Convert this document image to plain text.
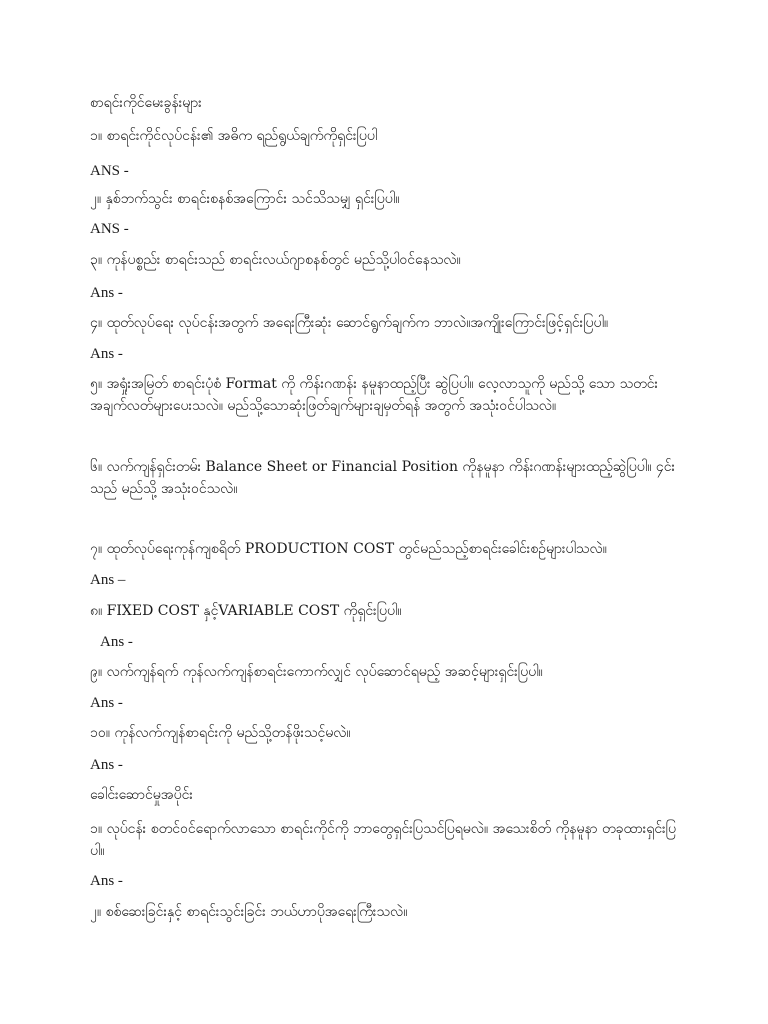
စာရင်းကိုင်မေးခွန်းများ
၁။ စာရင်းကိုင်လုပ်ငန်း၏ အဓိက ရည်ရွယ်ချက်ကိုရှင်းပြပါ
ANS -
၂။ နှစ်ဘက်သွင်း စာရင်းစနစ်အကြောင်း သင်သိသမျှ ရှင်းပြပါ။
ANS -
၃။ ကုန်ပစ္စည်း စာရင်းသည် စာရင်းလယ်ဂျာစနစ်တွင် မည်သို့ပါဝင်နေသလဲ။
Ans -
၄။ ထုတ်လုပ်ရေး လုပ်ငန်းအတွက် အရေးကြီးဆုံး ဆောင်ရွက်ချက်က ဘာလဲ။အကျိုးကြောင်းဖြင့်ရှင်းပြပါ။
Ans -
၅။ အရှုံးအမြတ် စာရင်းပုံစံ Format ကို ကိန်းဂဏန်း နမူနာထည့်ပြီး ဆွဲပြပါ။ လေ့လာသူကို မည်သို့ သော သတင်းအချက်လတ်များပေးသလဲ။ မည်သို့သောဆုံးဖြတ်ချက်များချမှတ်ရန် အတွက် အသုံးဝင်ပါသလဲ။
၆။ လက်ကျန်ရှင်းတမ်း Balance Sheet or Financial Position ကိုနမူနာ ကိန်းဂဏန်းများထည့်ဆွဲပြပါ။ ၄င်းသည် မည်သို့ အသုံးဝင်သလဲ။
၇။ ထုတ်လုပ်ရေးကုန်ကျစရိတ် PRODUCTION COST တွင်မည်သည့်စာရင်းခေါင်းစဉ်များပါသလဲ။
Ans –
၈။ FIXED COST နှင့်VARIABLE COST ကိုရှင်းပြပါ။
Ans -
၉။ လက်ကျန်ရက် ကုန်လက်ကျန်စာရင်းကောက်လျှင် လုပ်ဆောင်ရမည့် အဆင့်များရှင်းပြပါ။
Ans -
၁၀။ ကုန်လက်ကျန်စာရင်းကို မည်သို့တန်ဖိုးသင့်မလဲ။
Ans -
ခေါင်းဆောင်မှုအပိုင်း
၁။ လုပ်ငန်း စတင်ဝင်ရောက်လာသော စာရင်းကိုင်ကို ဘာတွေရှင်းပြသင်ပြရမလဲ။ အသေးစိတ် ကိုနမူနာ တခုထားရှင်းပြပါ။
Ans -
၂။ စစ်ဆေးခြင်းနှင့် စာရင်းသွင်းခြင်း ဘယ်ဟာပိုအရေးကြီးသလဲ။
